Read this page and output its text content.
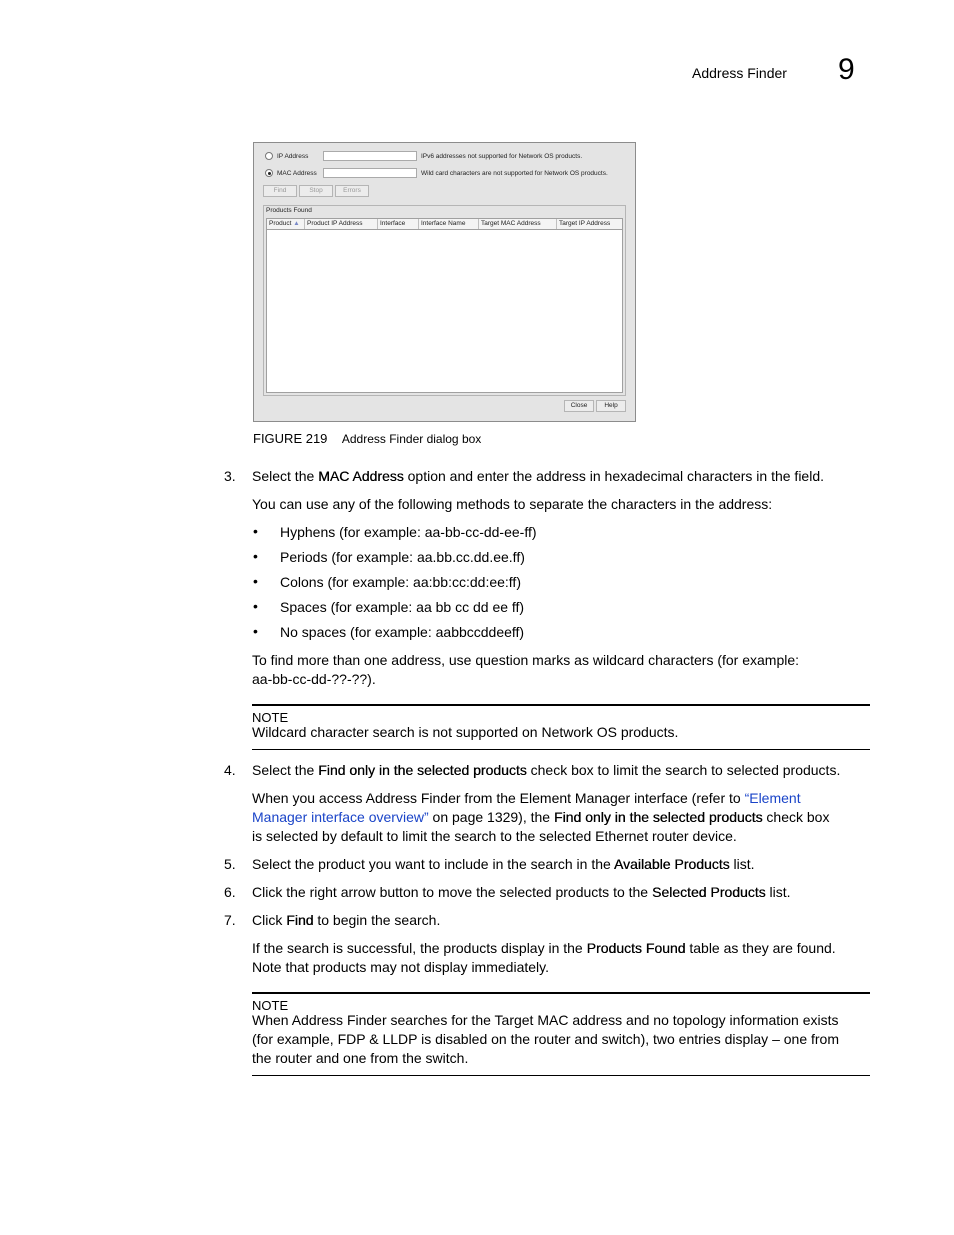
Address Finder 9
IP Address	IPv6 addresses not supported for Network OS products.
MAC Address	Wild card characters are not supported for Network OS products.
Find	Stop	Errors
Products Found
Product ▲	Product IP Address	Interface	Interface Name	Target MAC Address	Target IP Address
Close	Help
FIGURE 219 Address Finder dialog box
3. Select the MAC Address option and enter the address in hexadecimal characters in the field.
You can use any of the following methods to separate the characters in the address:
• Hyphens (for example: aa-bb-cc-dd-ee-ff)
• Periods (for example: aa.bb.cc.dd.ee.ff)
• Colons (for example: aa:bb:cc:dd:ee:ff)
• Spaces (for example: aa bb cc dd ee ff)
• No spaces (for example: aabbccddeeff)
To find more than one address, use question marks as wildcard characters (for example:
aa-bb-cc-dd-??-??).
NOTE
Wildcard character search is not supported on Network OS products.
4. Select the Find only in the selected products check box to limit the search to selected products.
When you access Address Finder from the Element Manager interface (refer to “Element
Manager interface overview” on page 1329), the Find only in the selected products check box
is selected by default to limit the search to the selected Ethernet router device.
5. Select the product you want to include in the search in the Available Products list.
6. Click the right arrow button to move the selected products to the Selected Products list.
7. Click Find to begin the search.
If the search is successful, the products display in the Products Found table as they are found.
Note that products may not display immediately.
NOTE
When Address Finder searches for the Target MAC address and no topology information exists
(for example, FDP & LLDP is disabled on the router and switch), two entries display – one from
the router and one from the switch.
